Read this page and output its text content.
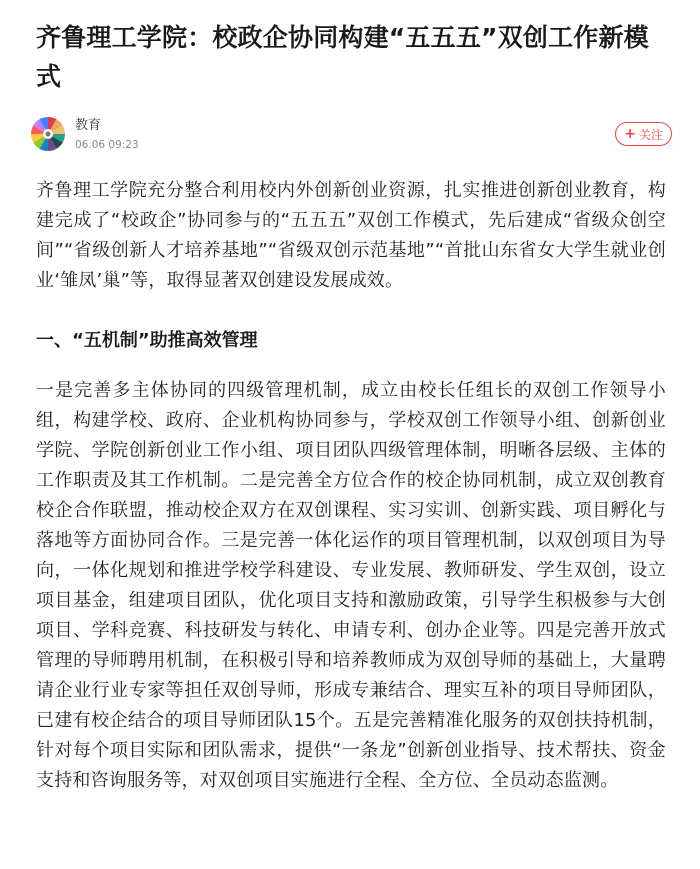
齐鲁理工学院：校政企协同构建“五五五”双创工作新模式
教育
06.06 09:23
+ 关注

齐鲁理工学院充分整合利用校内外创新创业资源，扎实推进创新创业教育，构建完成了“校政企”协同参与的“五五五”双创工作模式，先后建成“省级众创空间”“省级创新人才培养基地”“省级双创示范基地”“首批山东省女大学生就业创业‘雏凤’巢”等，取得显著双创建设发展成效。

一、“五机制”助推高效管理

一是完善多主体协同的四级管理机制，成立由校长任组长的双创工作领导小组，构建学校、政府、企业机构协同参与，学校双创工作领导小组、创新创业学院、学院创新创业工作小组、项目团队四级管理体制，明晰各层级、主体的工作职责及其工作机制。二是完善全方位合作的校企协同机制，成立双创教育校企合作联盟，推动校企双方在双创课程、实习实训、创新实践、项目孵化与落地等方面协同合作。三是完善一体化运作的项目管理机制，以双创项目为导向，一体化规划和推进学校学科建设、专业发展、教师研发、学生双创，设立项目基金，组建项目团队，优化项目支持和激励政策，引导学生积极参与大创项目、学科竞赛、科技研发与转化、申请专利、创办企业等。四是完善开放式管理的导师聘用机制，在积极引导和培养教师成为双创导师的基础上，大量聘请企业行业专家等担任双创导师，形成专兼结合、理实互补的项目导师团队，已建有校企结合的项目导师团队15个。五是完善精准化服务的双创扶持机制，针对每个项目实际和团队需求，提供“一条龙”创新创业指导、技术帮扶、资金支持和咨询服务等，对双创项目实施进行全程、全方位、全员动态监测。
